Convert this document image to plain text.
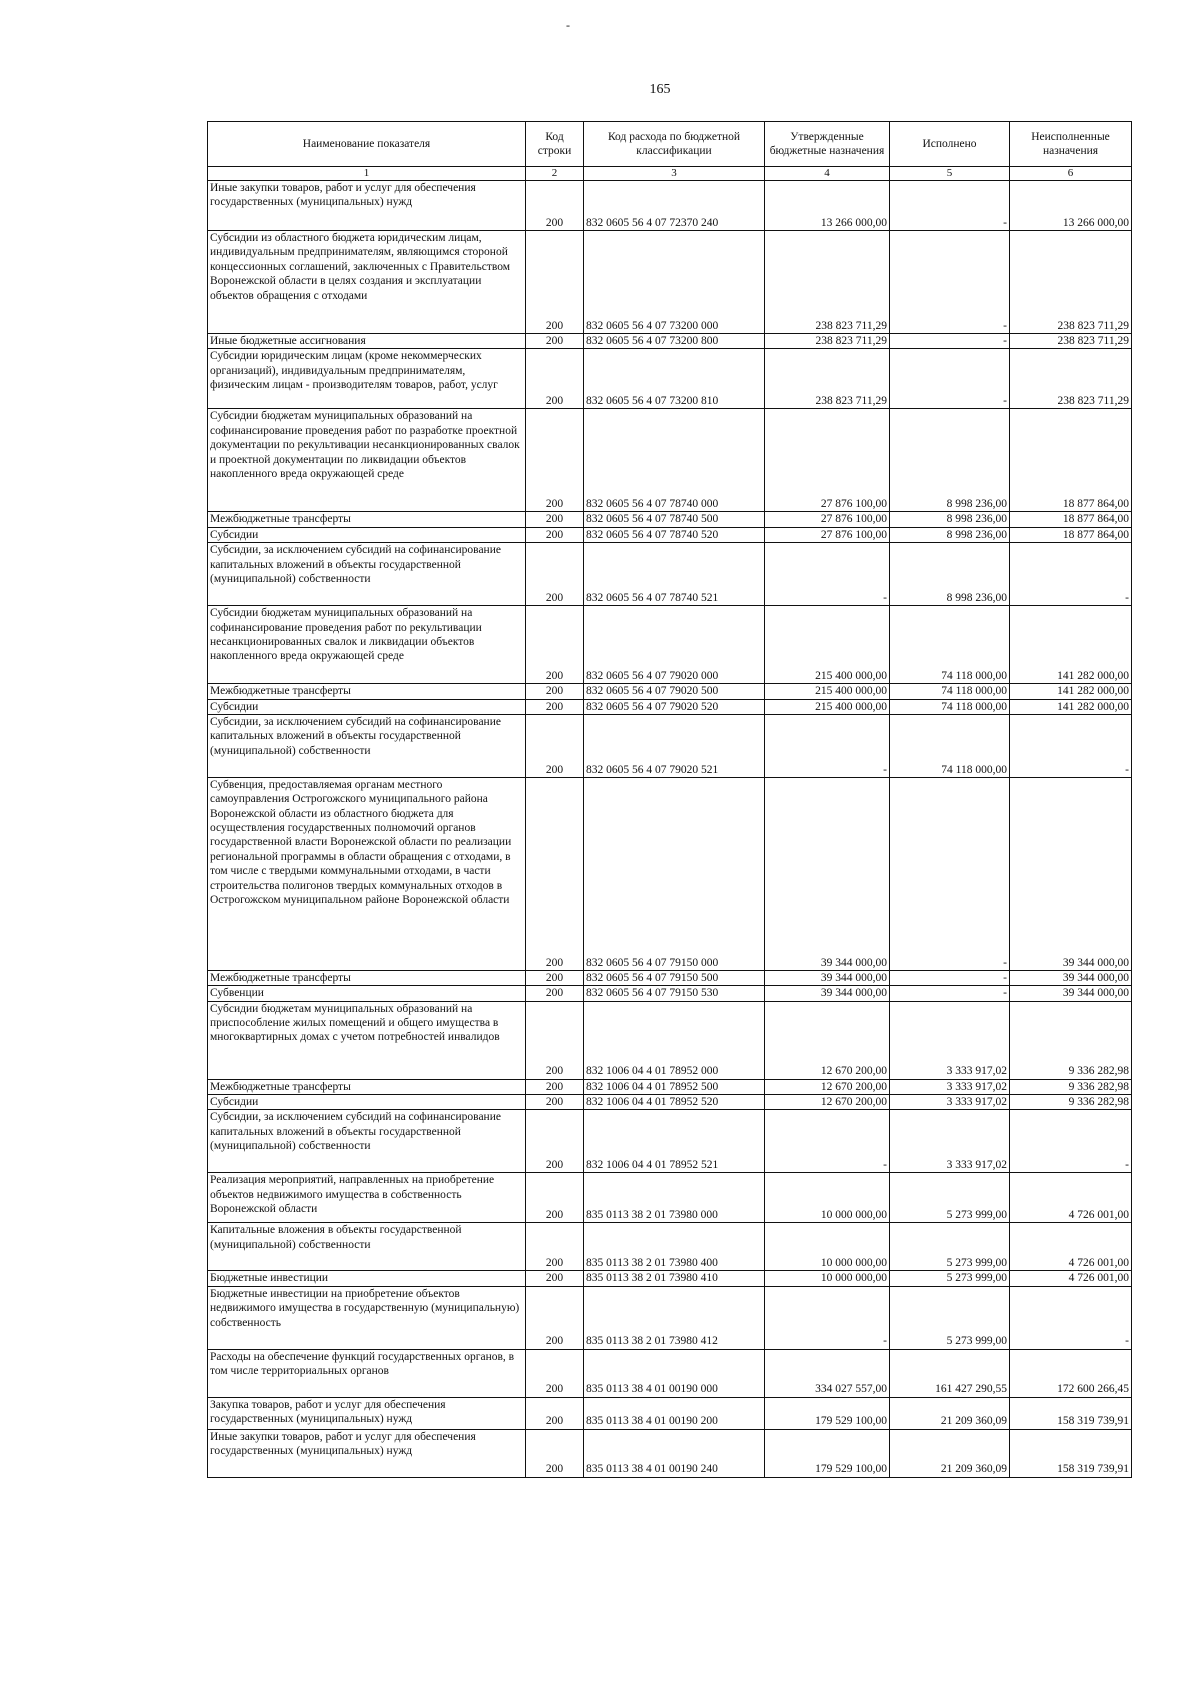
-
165
Наименование показателя	Код строки	Код расхода по бюджетной классификации	Утвержденные бюджетные назначения	Исполнено	Неисполненные назначения
1	2	3	4	5	6
Иные закупки товаров, работ и услуг для обеспечения государственных (муниципальных) нужд	200	832 0605 56 4 07 72370 240	13 266 000,00	-	13 266 000,00
Субсидии из областного бюджета юридическим лицам, индивидуальным предпринимателям, являющимся стороной концессионных соглашений, заключенных с Правительством Воронежской области в целях создания и эксплуатации объектов обращения с отходами	200	832 0605 56 4 07 73200 000	238 823 711,29	-	238 823 711,29
Иные бюджетные ассигнования	200	832 0605 56 4 07 73200 800	238 823 711,29	-	238 823 711,29
Субсидии юридическим лицам (кроме некоммерческих организаций), индивидуальным предпринимателям, физическим лицам - производителям товаров, работ, услуг	200	832 0605 56 4 07 73200 810	238 823 711,29	-	238 823 711,29
Субсидии бюджетам муниципальных образований на софинансирование проведения работ по разработке проектной документации по рекультивации несанкционированных свалок и проектной документации по ликвидации объектов накопленного вреда окружающей среде	200	832 0605 56 4 07 78740 000	27 876 100,00	8 998 236,00	18 877 864,00
Межбюджетные трансферты	200	832 0605 56 4 07 78740 500	27 876 100,00	8 998 236,00	18 877 864,00
Субсидии	200	832 0605 56 4 07 78740 520	27 876 100,00	8 998 236,00	18 877 864,00
Субсидии, за исключением субсидий на софинансирование капитальных вложений в объекты государственной (муниципальной) собственности	200	832 0605 56 4 07 78740 521	-	8 998 236,00	-
Субсидии бюджетам муниципальных образований на софинансирование проведения работ по рекультивации несанкционированных свалок и ликвидации объектов накопленного вреда окружающей среде	200	832 0605 56 4 07 79020 000	215 400 000,00	74 118 000,00	141 282 000,00
Межбюджетные трансферты	200	832 0605 56 4 07 79020 500	215 400 000,00	74 118 000,00	141 282 000,00
Субсидии	200	832 0605 56 4 07 79020 520	215 400 000,00	74 118 000,00	141 282 000,00
Субсидии, за исключением субсидий на софинансирование капитальных вложений в объекты государственной (муниципальной) собственности	200	832 0605 56 4 07 79020 521	-	74 118 000,00	-
Субвенция, предоставляемая органам местного самоуправления Острогожского муниципального района Воронежской области из областного бюджета для осуществления государственных полномочий органов государственной власти Воронежской области по реализации региональной программы в области обращения с отходами, в том числе с твердыми коммунальными отходами, в части строительства полигонов твердых коммунальных отходов в Острогожском муниципальном районе Воронежской области	200	832 0605 56 4 07 79150 000	39 344 000,00	-	39 344 000,00
Межбюджетные трансферты	200	832 0605 56 4 07 79150 500	39 344 000,00	-	39 344 000,00
Субвенции	200	832 0605 56 4 07 79150 530	39 344 000,00	-	39 344 000,00
Субсидии бюджетам муниципальных образований на приспособление жилых помещений и общего имущества в многоквартирных домах с учетом потребностей инвалидов	200	832 1006 04 4 01 78952 000	12 670 200,00	3 333 917,02	9 336 282,98
Межбюджетные трансферты	200	832 1006 04 4 01 78952 500	12 670 200,00	3 333 917,02	9 336 282,98
Субсидии	200	832 1006 04 4 01 78952 520	12 670 200,00	3 333 917,02	9 336 282,98
Субсидии, за исключением субсидий на софинансирование капитальных вложений в объекты государственной (муниципальной) собственности	200	832 1006 04 4 01 78952 521	-	3 333 917,02	-
Реализация мероприятий, направленных на приобретение объектов недвижимого имущества в собственность Воронежской области	200	835 0113 38 2 01 73980 000	10 000 000,00	5 273 999,00	4 726 001,00
Капитальные вложения в объекты государственной (муниципальной) собственности	200	835 0113 38 2 01 73980 400	10 000 000,00	5 273 999,00	4 726 001,00
Бюджетные инвестиции	200	835 0113 38 2 01 73980 410	10 000 000,00	5 273 999,00	4 726 001,00
Бюджетные инвестиции на приобретение объектов недвижимого имущества в государственную (муниципальную) собственность	200	835 0113 38 2 01 73980 412	-	5 273 999,00	-
Расходы на обеспечение функций государственных органов, в том числе территориальных органов	200	835 0113 38 4 01 00190 000	334 027 557,00	161 427 290,55	172 600 266,45
Закупка товаров, работ и услуг для обеспечения государственных (муниципальных) нужд	200	835 0113 38 4 01 00190 200	179 529 100,00	21 209 360,09	158 319 739,91
Иные закупки товаров, работ и услуг для обеспечения государственных (муниципальных) нужд	200	835 0113 38 4 01 00190 240	179 529 100,00	21 209 360,09	158 319 739,91
